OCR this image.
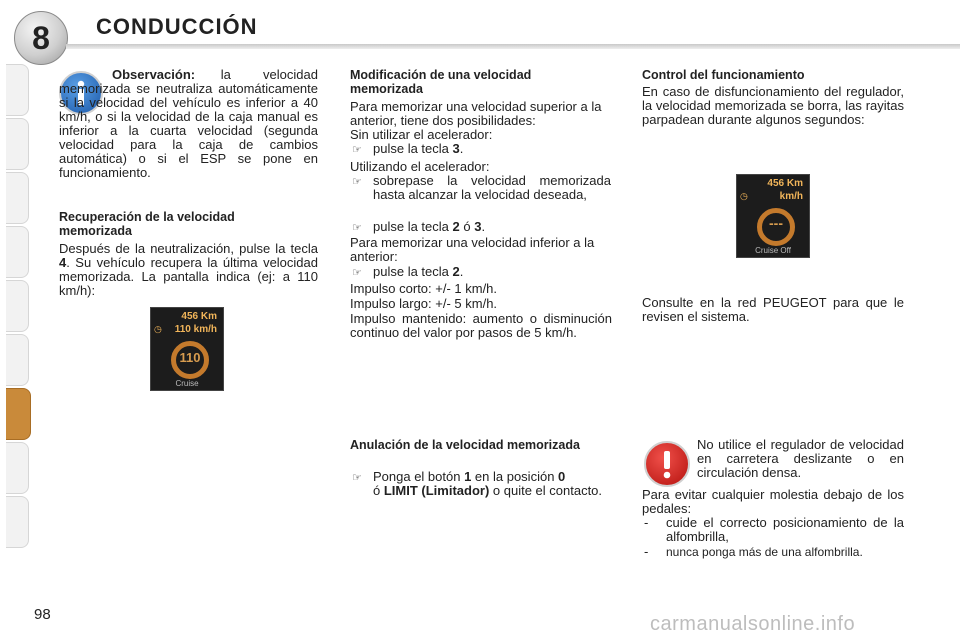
8 CONDUCCIÓN
Observación:
la velocidad memorizada se neutraliza automáticamente si la velocidad del vehículo es inferior a 40 km/h, o si la velocidad de la caja manual es inferior a la cuarta velocidad (segunda velocidad para la caja de cambios automática) o si el ESP se pone en funcionamiento.
Recuperación de la velocidad memorizada
Después de la neutralización, pulse la tecla 4. Su vehículo recupera la última velocidad memorizada. La pantalla indica (ej: a 110 km/h):
456 Km
110 km/h
◷
110
Cruise
Modificación de una velocidad memorizada
Para memorizar una velocidad superior a la anterior, tiene dos posibilidades:
Sin utilizar el acelerador:
☞ pulse la tecla 3.
Utilizando el acelerador:
☞ sobrepase la velocidad memorizada hasta alcanzar la velocidad deseada,
☞ pulse la tecla 2 ó 3.
Para memorizar una velocidad inferior a la anterior:
☞ pulse la tecla 2.
Impulso corto: +/- 1 km/h.
Impulso largo: +/- 5 km/h.
Impulso mantenido: aumento o disminución continuo del valor por pasos de 5 km/h.
Anulación de la velocidad memorizada
☞ Ponga el botón 1 en la posición 0
ó LIMIT (Limitador) o quite el contacto.
Control del funcionamiento
En caso de disfuncionamiento del regulador, la velocidad memorizada se borra, las rayitas parpadean durante algunos segundos:
456 Km
km/h
◷
---
Cruise Off
Consulte en la red PEUGEOT para que le revisen el sistema.
No utilice el regulador de velocidad en carretera deslizante o en circulación densa.
Para evitar cualquier molestia debajo de los pedales:
- cuide el correcto posicionamiento de la alfombrilla,
- nunca ponga más de una alfombrilla.
98	carmanualsonline.info
